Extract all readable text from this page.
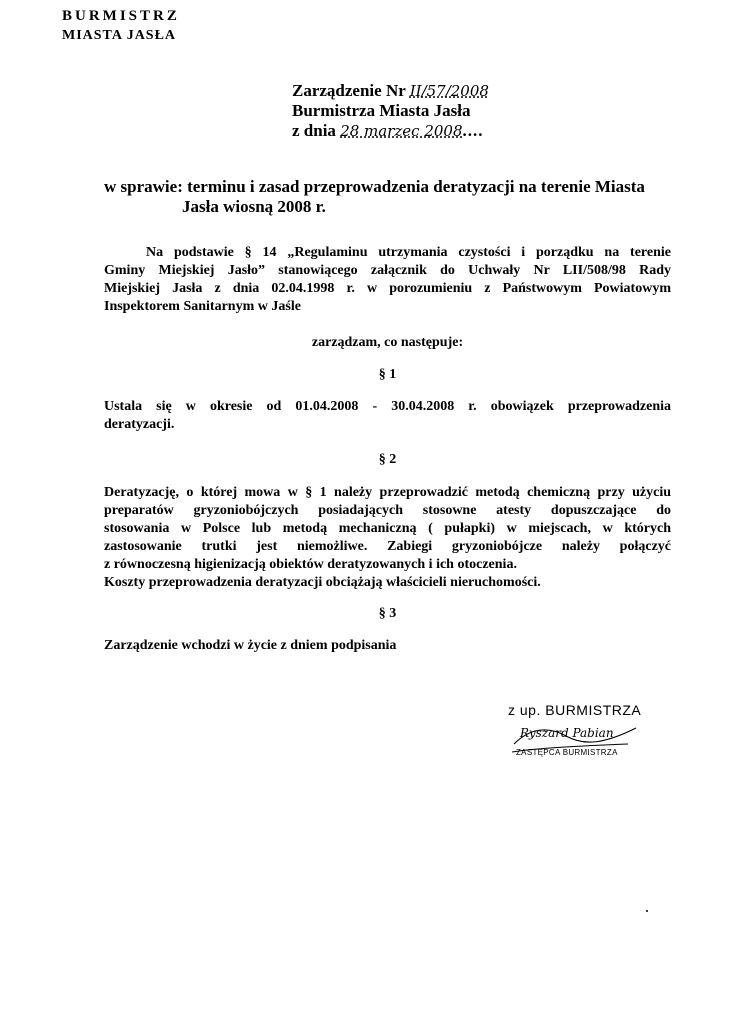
BURMISTRZ
MIASTA JASŁA
Zarządzenie Nr II/57/2008
Burmistrza Miasta Jasła
z dnia 28 marzec 2008....
w sprawie: terminu i zasad przeprowadzenia deratyzacji na terenie Miasta
Jasła wiosną 2008 r.
Na podstawie § 14 „Regulaminu utrzymania czystości i porządku na terenie
Gminy Miejskiej Jasło” stanowiącego załącznik do Uchwały Nr LII/508/98 Rady
Miejskiej Jasła z dnia 02.04.1998 r. w porozumieniu z Państwowym Powiatowym
Inspektorem Sanitarnym w Jaśle
zarządzam, co następuje:
§ 1
Ustala się w okresie od 01.04.2008 - 30.04.2008 r. obowiązek przeprowadzenia
deratyzacji.
§ 2
Deratyzację, o której mowa w § 1 należy przeprowadzić metodą chemiczną przy użyciu
preparatów gryzoniobójczych posiadających stosowne atesty dopuszczające do
stosowania w Polsce lub metodą mechaniczną ( pułapki) w miejscach, w których
zastosowanie trutki jest niemożliwe. Zabiegi gryzoniobójcze należy połączyć
z równoczesną higienizacją obiektów deratyzowanych i ich otoczenia.
Koszty przeprowadzenia deratyzacji obciążają właścicieli nieruchomości.
§ 3
Zarządzenie wchodzi w życie z dniem podpisania
z up. BURMISTRZA
Ryszard Pabian
ZASTĘPCA BURMISTRZA
